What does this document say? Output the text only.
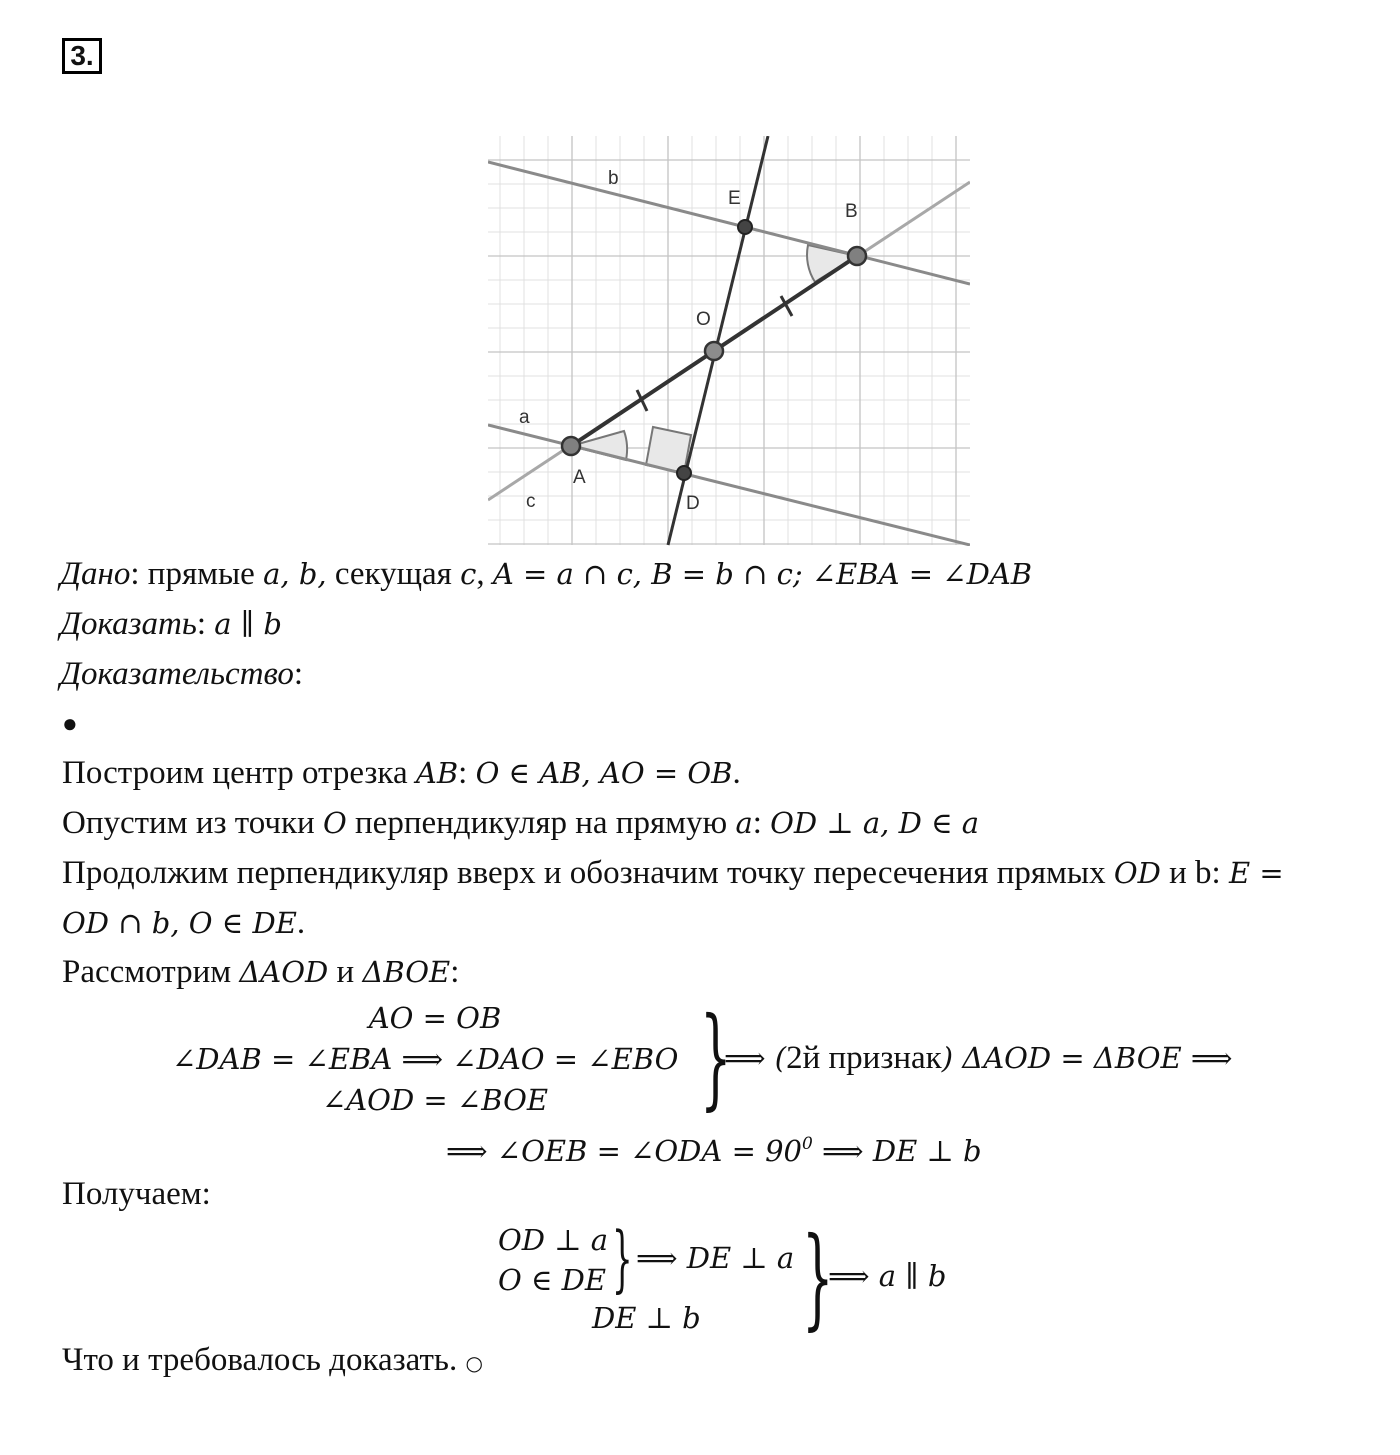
3.
b
E
B
O
a
A
c	D
Дано: прямые a, b, секущая c, A = a ∩ c, B = b ∩ c; ∠EBA = ∠DAB
Доказать: a ∥ b
Доказательство:
●
Построим центр отрезка AB: O ∈ AB, AO = OB.
Опустим из точки O перпендикуляр на прямую a: OD ⊥ a, D ∈ a
Продолжим перпендикуляр вверх и обозначим точку пересечения прямых OD и b: E =
OD ∩ b, O ∈ DE.
Рассмотрим ΔAOD и ΔBOE:
AO = OB
∠DAB = ∠EBA ⟹ ∠DAO = ∠EBO
∠AOD = ∠BOE }
⟹ (2й признак) ΔAOD = ΔBOE ⟹
⟹ ∠OEB = ∠ODA = $90^0$ ⟹ DE ⊥ b
Получаем:
OD ⊥ a
O ∈ DE } ⟹ DE ⊥ a
DE ⊥ b }
⟹ a ∥ b
Что и требовалось доказать. ○
